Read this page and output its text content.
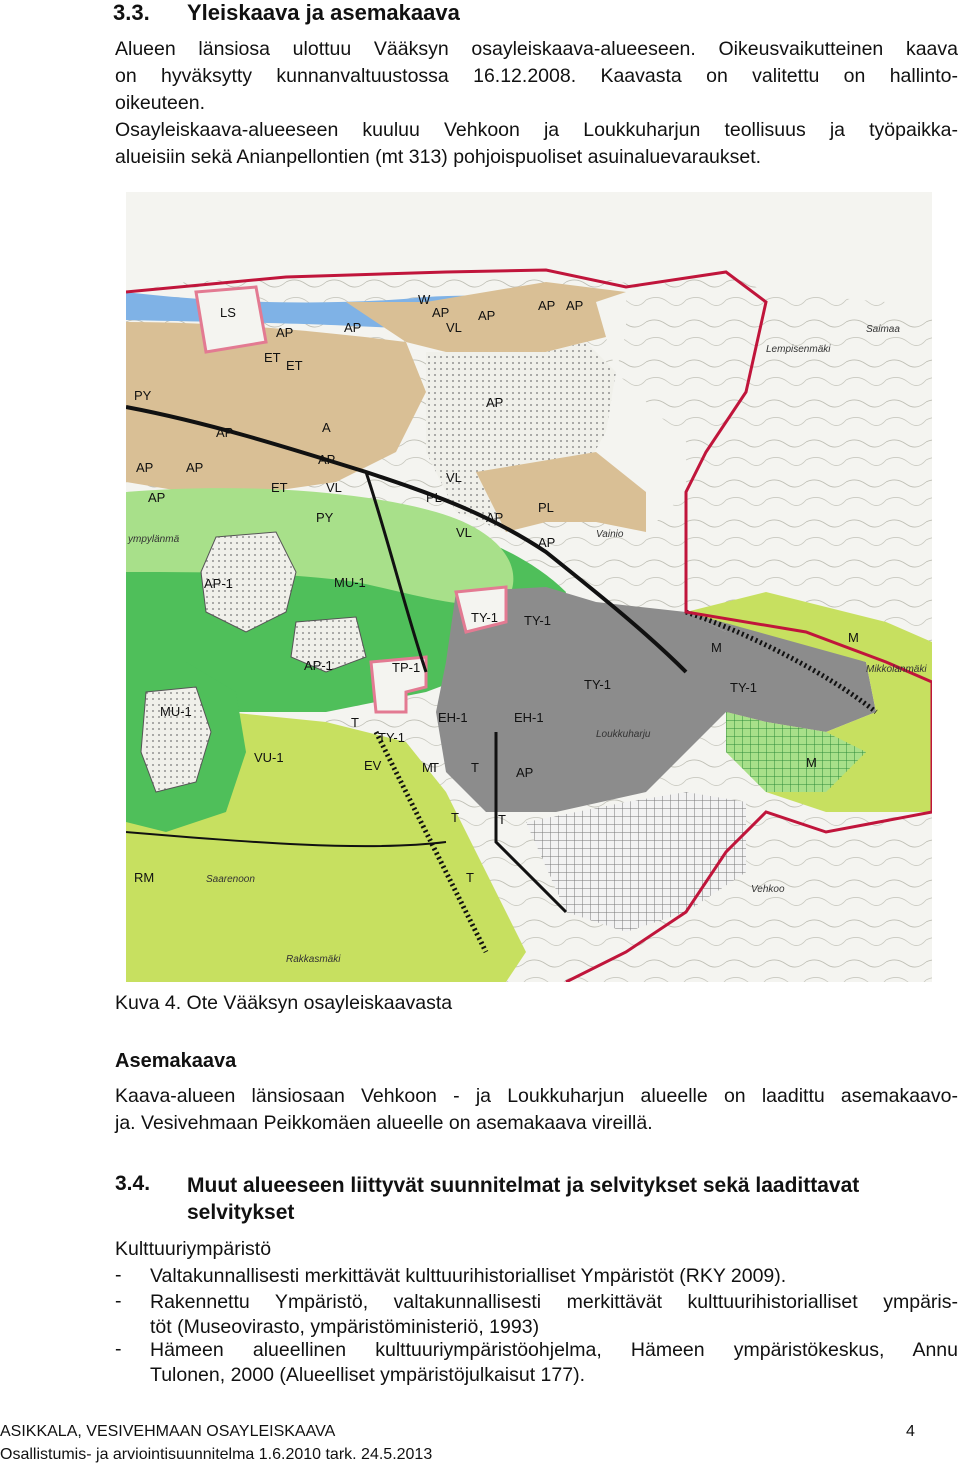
3.3. Yleiskaava ja asemakaava
Alueen länsiosa ulottuu Vääksyn osayleiskaava-alueeseen. Oikeusvaikutteinen kaava
on hyväksytty kunnanvaltuustossa 16.12.2008. Kaavasta on valitettu on hallinto-
oikeuteen.
Osayleiskaava-alueeseen kuuluu Vehkoon ja Loukkuharjun teollisuus ja työpaikka-
alueisiin sekä Anianpellontien (mt 313) pohjoispuoliset asuinaluevaraukset.
LS
W
AP	AP
AP AP
AP
VL
ET
ET
PY
PY
AP
AP	AP
AP
ET
AP
VL
A
AP
VL
PL
PL
VL
AP
AP
AP
AP
AP-1
AP-1
MU-1
MU-1
VU-1
TY-1 TY-1
TY-1	TY-1
TY-1
TP-1
EH-1	EH-1
T
T
T
T
T
T
M
M
M
M
EV
RM
ympylänmä
Lempisenmäki
Saimaa
Vehkoo
Mikkolanmäki
Rakkasmäki
Saarenoon
Loukkuharju
Vainio
Kuva 4. Ote Vääksyn osayleiskaavasta
Asemakaava
Kaava-alueen länsiosaan Vehkoon - ja Loukkuharjun alueelle on laadittu asemakaavo-
ja. Vesivehmaan Peikkomäen alueelle on asemakaava vireillä.
3.4. Muut alueeseen liittyvät suunnitelmat ja selvitykset sekä laadittavat
selvitykset
Kulttuuriympäristö
- Valtakunnallisesti merkittävät kulttuurihistorialliset Ympäristöt (RKY 2009).
- Rakennettu Ympäristö, valtakunnallisesti merkittävät kulttuurihistorialliset ympäris-
töt (Museovirasto, ympäristöministeriö, 1993)
- Hämeen alueellinen kulttuuriympäristöohjelma, Hämeen ympäristökeskus, Annu
Tulonen, 2000 (Alueelliset ympäristöjulkaisut 177).
ASIKKALA, VESIVEHMAAN OSAYLEISKAAVA	4
Osallistumis- ja arviointisuunnitelma 1.6.2010 tark. 24.5.2013
